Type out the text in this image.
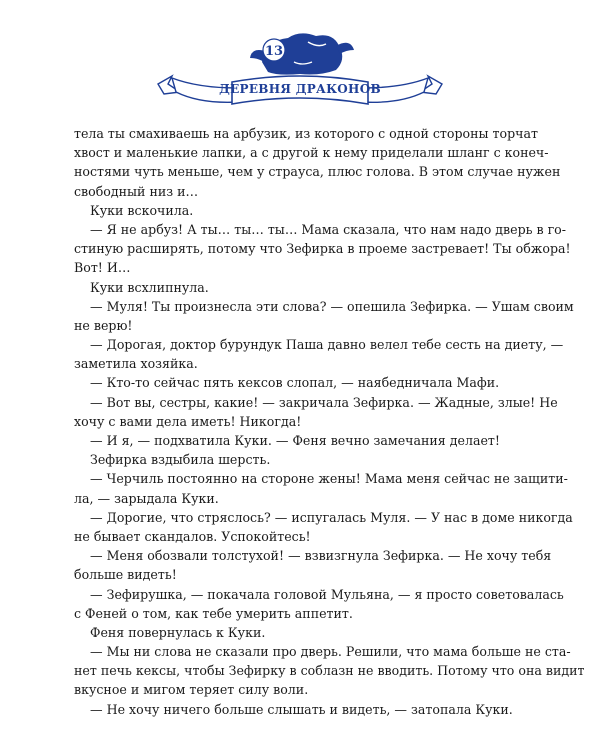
13
ДЕРЕВНЯ ДРАКОНОВ
тела ты смахиваешь на арбузик, из которого с одной стороны торчат
хвост и маленькие лапки, а с другой к нему приделали шланг с конеч-
ностями чуть меньше, чем у страуса, плюс голова. В этом случае нужен
свободный низ и…
Куки вскочила.
— Я не арбуз! А ты… ты… ты… Мама сказала, что нам надо дверь в го-
стиную расширять, потому что Зефирка в проеме застревает! Ты обжора!
Вот! И…
Куки всхлипнула.
— Муля! Ты произнесла эти слова? — опешила Зефирка. — Ушам своим
не верю!
— Дорогая, доктор бурундук Паша давно велел тебе сесть на диету, —
заметила хозяйка.
— Кто-то сейчас пять кексов слопал, — наябедничала Мафи.
— Вот вы, сестры, какие! — закричала Зефирка. — Жадные, злые! Не
хочу с вами дела иметь! Никогда!
— И я, — подхватила Куки. — Феня вечно замечания делает!
Зефирка вздыбила шерсть.
— Черчиль постоянно на стороне жены! Мама меня сейчас не защити-
ла, — зарыдала Куки.
— Дорогие, что стряслось? — испугалась Муля. — У нас в доме никогда
не бывает скандалов. Успокойтесь!
— Меня обозвали толстухой! — взвизгнула Зефирка. — Не хочу тебя
больше видеть!
— Зефирушка, — покачала головой Мульяна, — я просто советовалась
с Феней о том, как тебе умерить аппетит.
Феня повернулась к Куки.
— Мы ни слова не сказали про дверь. Решили, что мама больше не ста-
нет печь кексы, чтобы Зефирку в соблазн не вводить. Потому что она видит
вкусное и мигом теряет силу воли.
— Не хочу ничего больше слышать и видеть, — затопала Куки.
